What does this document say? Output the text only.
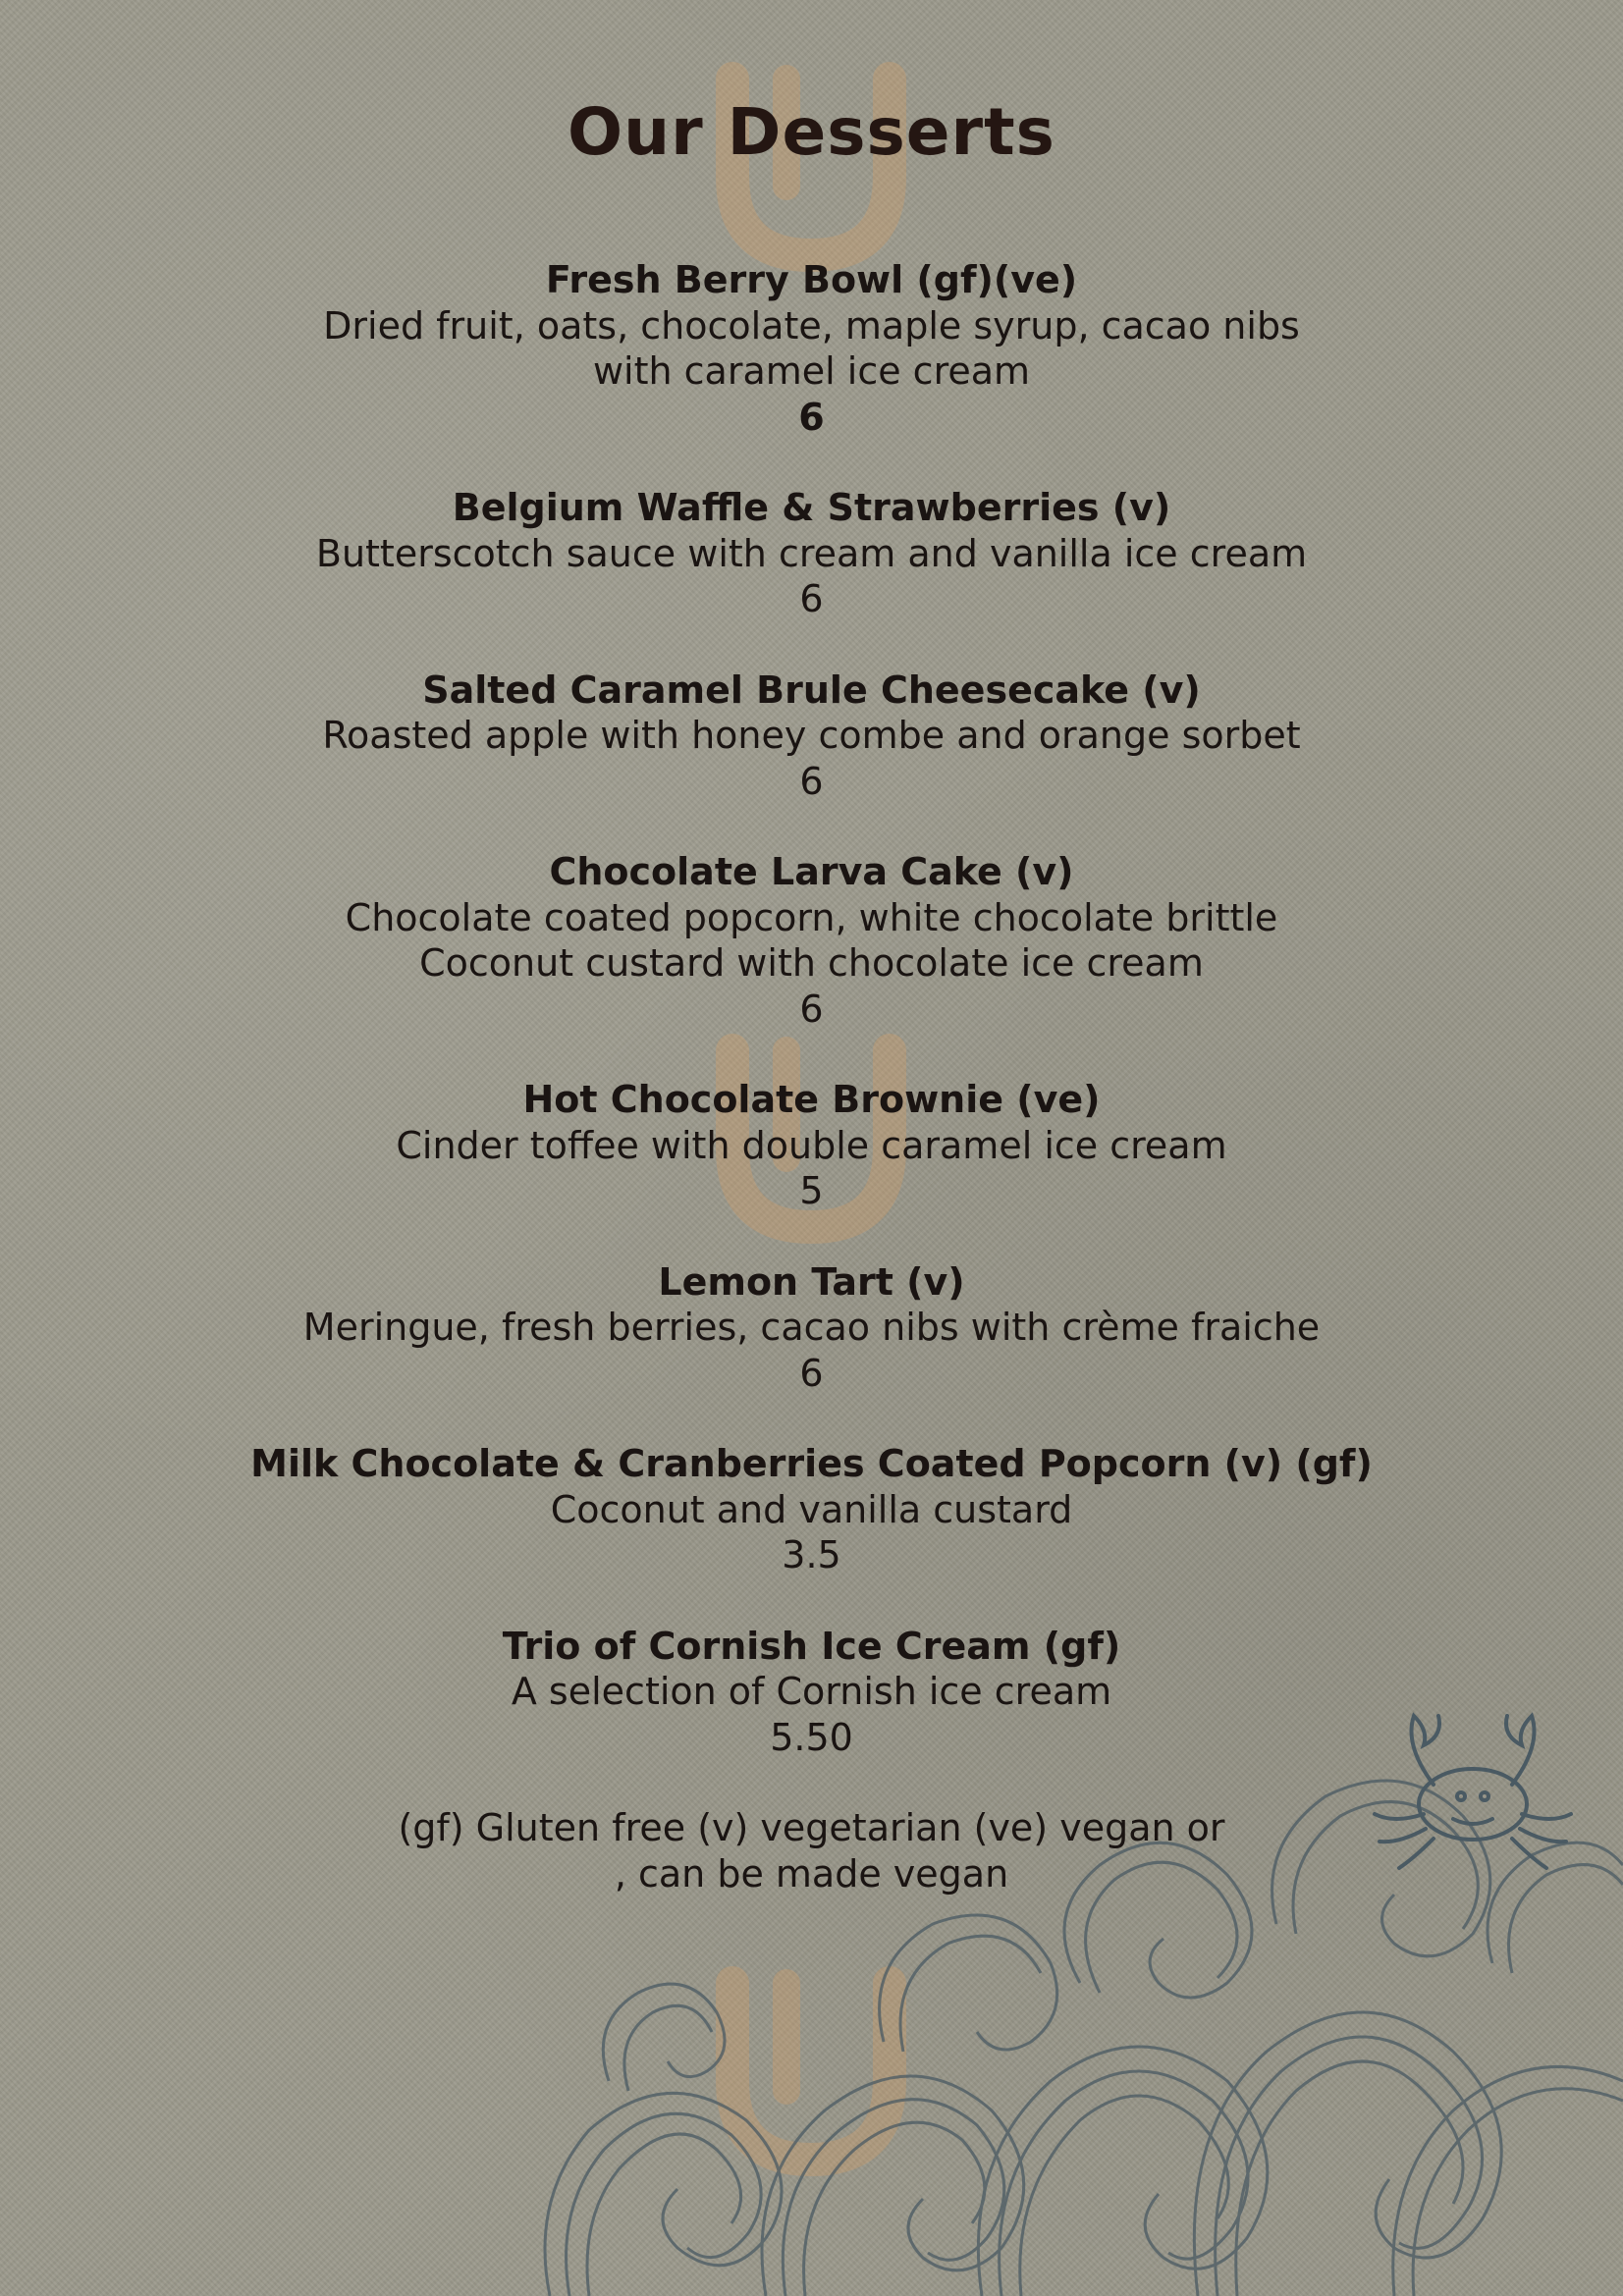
Our Desserts

Fresh Berry Bowl (gf)(ve)

Dried fruit, oats, chocolate, maple syrup, cacao nibs

with caramel ice cream

6

Belgium Waffle & Strawberries (v)

Butterscotch sauce with cream and vanilla ice cream

6

Salted Caramel Brule Cheesecake (v)

Roasted apple with honey combe and orange sorbet

6

Chocolate Larva Cake (v)

Chocolate coated popcorn, white chocolate brittle

Coconut custard with chocolate ice cream

6

Hot Chocolate Brownie (ve)

Cinder toffee with double caramel ice cream

5

Lemon Tart (v)

Meringue, fresh berries, cacao nibs with crème fraiche

6

Milk Chocolate & Cranberries Coated Popcorn (v) (gf)

Coconut and vanilla custard

3.5

Trio of Cornish Ice Cream (gf)

A selection of Cornish ice cream

5.50

(gf) Gluten free (v) vegetarian (ve) vegan or
, can be made vegan
